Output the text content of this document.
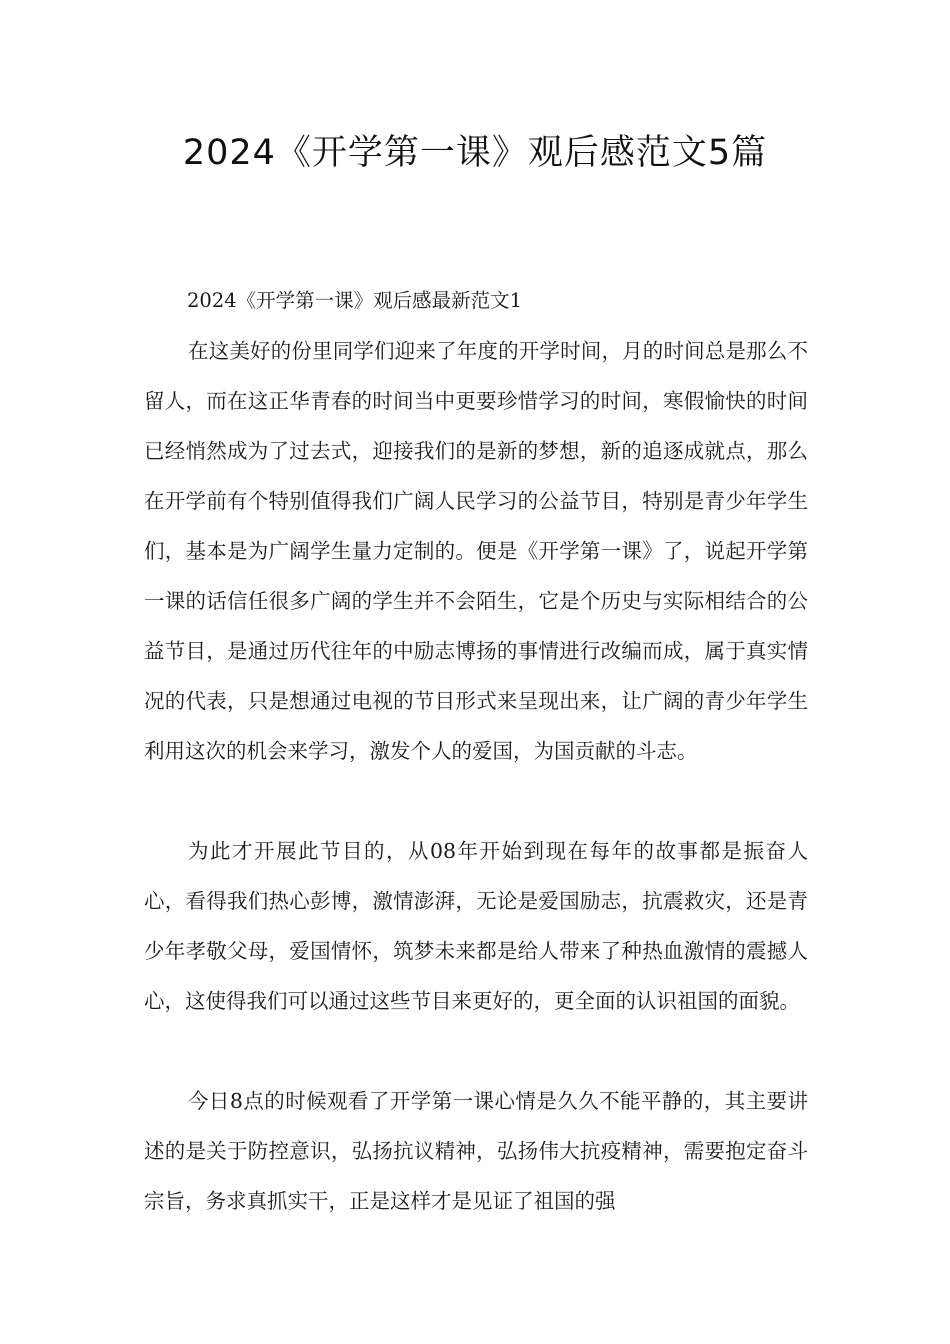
2024《开学第一课》观后感范文5篇

2024《开学第一课》观后感最新范文1

在这美好的份里同学们迎来了年度的开学时间，月的时间总是那么不留人，而在这正华青春的时间当中更要珍惜学习的时间，寒假愉快的时间已经悄然成为了过去式，迎接我们的是新的梦想，新的追逐成就点，那么在开学前有个特别值得我们广阔人民学习的公益节目，特别是青少年学生们，基本是为广阔学生量力定制的。便是《开学第一课》了，说起开学第一课的话信任很多广阔的学生并不会陌生，它是个历史与实际相结合的公益节目，是通过历代往年的中励志博扬的事情进行改编而成，属于真实情况的代表，只是想通过电视的节目形式来呈现出来，让广阔的青少年学生利用这次的机会来学习，激发个人的爱国，为国贡献的斗志。

为此才开展此节目的，从08年开始到现在每年的故事都是振奋人心，看得我们热心彭博，激情澎湃，无论是爱国励志，抗震救灾，还是青少年孝敬父母，爱国情怀，筑梦未来都是给人带来了种热血激情的震撼人心，这使得我们可以通过这些节目来更好的，更全面的认识祖国的面貌。

今日8点的时候观看了开学第一课心情是久久不能平静的，其主要讲述的是关于防控意识，弘扬抗议精神，弘扬伟大抗疫精神，需要抱定奋斗宗旨，务求真抓实干，正是这样才是见证了祖国的强
